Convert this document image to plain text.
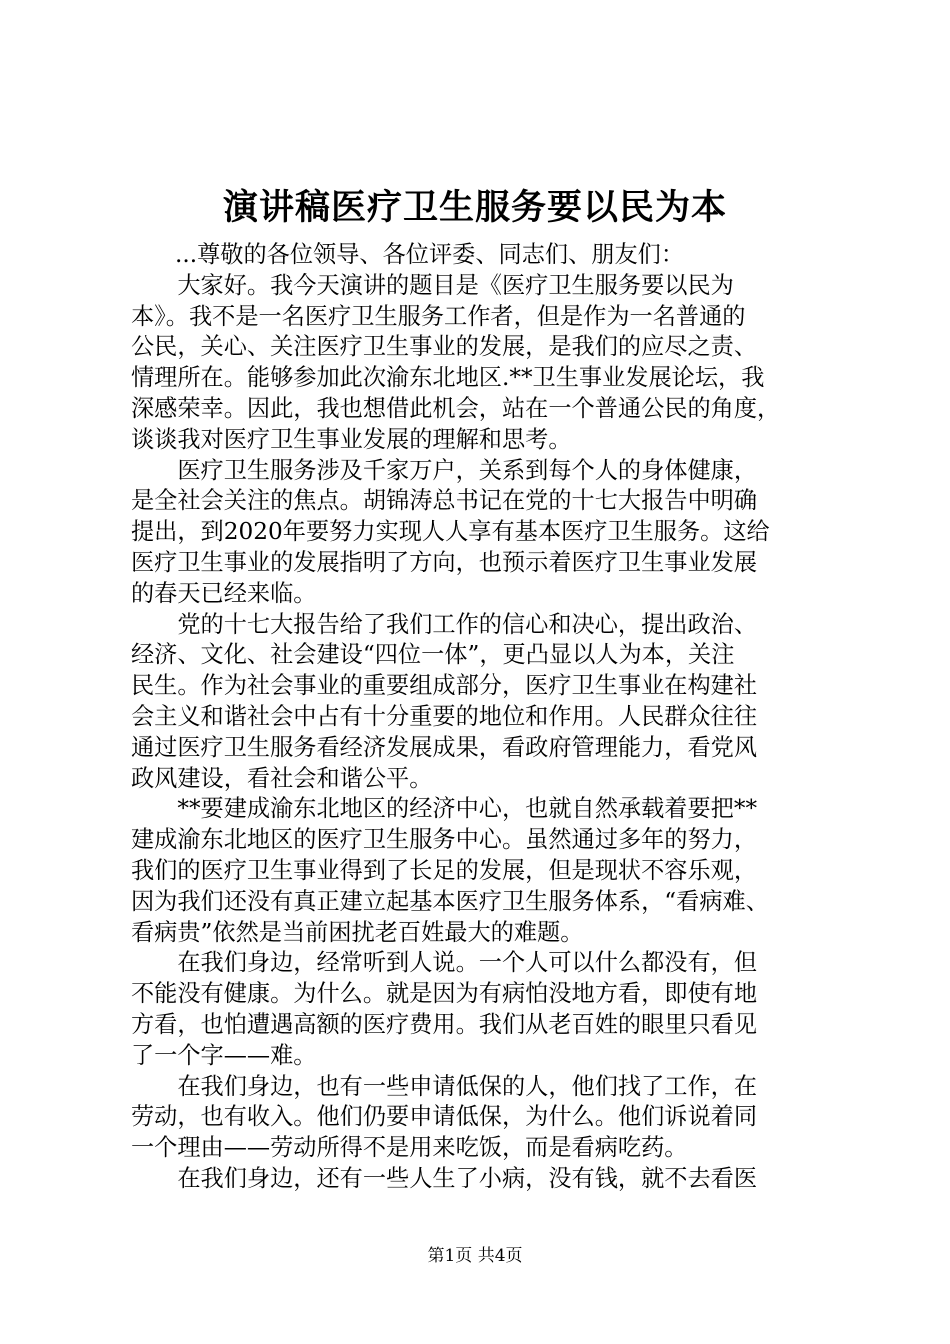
演讲稿医疗卫生服务要以民为本
...尊敬的各位领导、各位评委、同志们、朋友们：
　　大家好。我今天演讲的题目是《医疗卫生服务要以民为
本》。我不是一名医疗卫生服务工作者，但是作为一名普通的
公民，关心、关注医疗卫生事业的发展，是我们的应尽之责、
情理所在。能够参加此次渝东北地区.**卫生事业发展论坛，我
深感荣幸。因此，我也想借此机会，站在一个普通公民的角度，
谈谈我对医疗卫生事业发展的理解和思考。
　　医疗卫生服务涉及千家万户，关系到每个人的身体健康，
是全社会关注的焦点。胡锦涛总书记在党的十七大报告中明确
提出，到2020年要努力实现人人享有基本医疗卫生服务。这给
医疗卫生事业的发展指明了方向，也预示着医疗卫生事业发展
的春天已经来临。
　　党的十七大报告给了我们工作的信心和决心，提出政治、
经济、文化、社会建设“四位一体”，更凸显以人为本，关注
民生。作为社会事业的重要组成部分，医疗卫生事业在构建社
会主义和谐社会中占有十分重要的地位和作用。人民群众往往
通过医疗卫生服务看经济发展成果，看政府管理能力，看党风
政风建设，看社会和谐公平。
　　**要建成渝东北地区的经济中心，也就自然承载着要把**
建成渝东北地区的医疗卫生服务中心。虽然通过多年的努力，
我们的医疗卫生事业得到了长足的发展，但是现状不容乐观，
因为我们还没有真正建立起基本医疗卫生服务体系，“看病难、
看病贵”依然是当前困扰老百姓最大的难题。
　　在我们身边，经常听到人说。一个人可以什么都没有，但
不能没有健康。为什么。就是因为有病怕没地方看，即使有地
方看，也怕遭遇高额的医疗费用。我们从老百姓的眼里只看见
了一个字——难。
　　在我们身边，也有一些申请低保的人，他们找了工作，在
劳动，也有收入。他们仍要申请低保，为什么。他们诉说着同
一个理由——劳动所得不是用来吃饭，而是看病吃药。
　　在我们身边，还有一些人生了小病，没有钱，就不去看医
第1页 共4页
